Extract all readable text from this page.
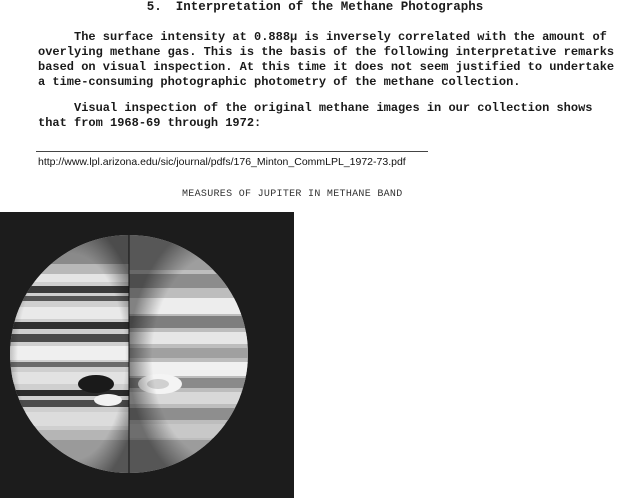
5. Interpretation of the Methane Photographs

The surface intensity at 0.888μ is inversely correlated with the amount of

overlying methane gas. This is the basis of the following interpretative remarks

based on visual inspection. At this time it does not seem justified to undertake

a time-consuming photographic photometry of the methane collection.

Visual inspection of the original methane images in our collection shows

that from 1968-69 through 1972:

http://www.lpl.arizona.edu/sic/journal/pdfs/176_Minton_CommLPL_1972-73.pdf
MEASURES OF JUPITER IN METHANE BAND
